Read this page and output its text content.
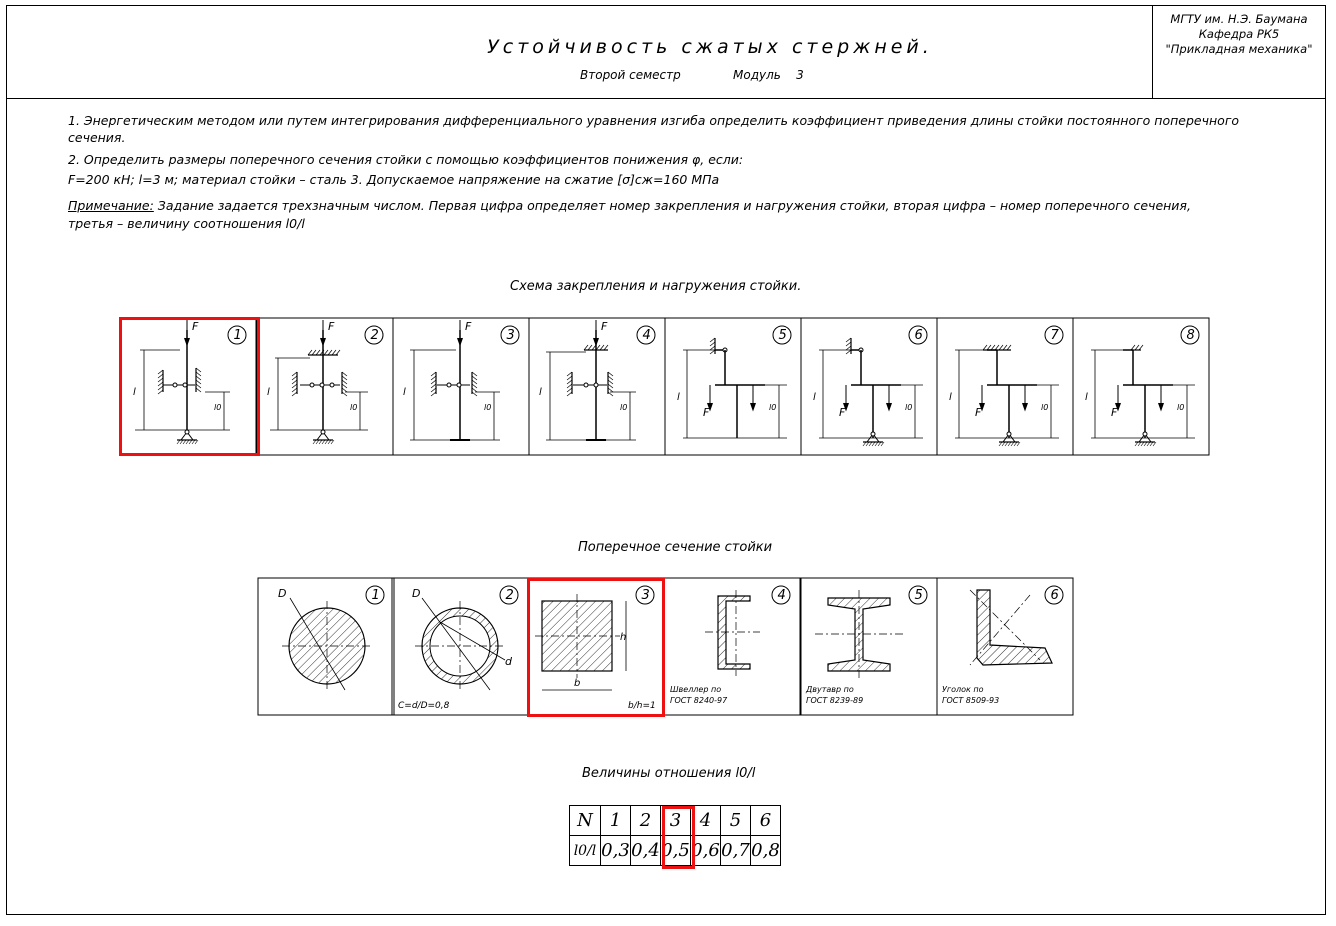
Устойчивость сжатых стержней.
Второй семестр	Модуль 3
МГТУ им. Н.Э. Баумана
Кафедра РК5
"Прикладная механика"
1. Энергетическим методом или путем интегрирования дифференциального уравнения изгиба определить коэффициент приведения длины стойки постоянного поперечного
сечения.
2. Определить размеры поперечного сечения стойки с помощью коэффициентов понижения φ, если:
F=200 кН; l=3 м; материал стойки – сталь 3. Допускаемое напряжение на сжатие [σ]сж=160 МПа
Примечание: Задание задается трехзначным числом. Первая цифра определяет номер закрепления и нагружения стойки, вторая цифра – номер поперечного сечения,
третья – величину соотношения l0/l
Схема закрепления и нагружения стойки.
1	2	3	4	5	6	7	8
F
l
l0
F
l
l0
F
l
l0
F
l
l0
l
F	l0
l
F	l0
l
F	l0
l
F	l0
1	2	3	4	5	6
D	D
d
C=d/D=0,8
b
h
b/h=1
Швеллер по
ГОСТ 8240-97
Двутавр по
ГОСТ 8239-89
Уголок по
ГОСТ 8509-93
Поперечное сечение стойки
Величины отношения l0/l
N	1	2	3	4	5	6
l0/l	0,3	0,4	0,5	0,6	0,7	0,8
